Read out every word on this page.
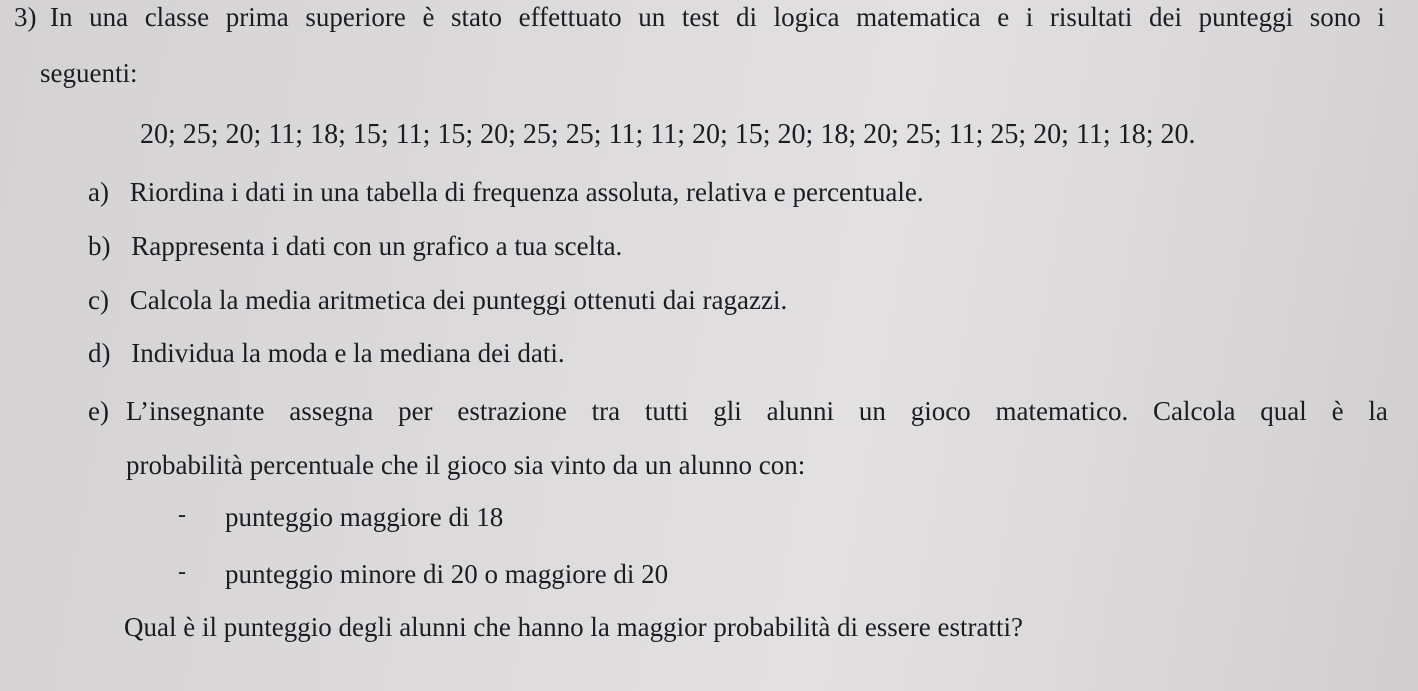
3) In una classe prima superiore è stato effettuato un test di logica matematica e i risultati dei punteggi sono i
seguenti:
20; 25; 20; 11; 18; 15; 11; 15; 20; 25; 25; 11; 11; 20; 15; 20; 18; 20; 25; 11; 25; 20; 11; 18; 20.
a) Riordina i dati in una tabella di frequenza assoluta, relativa e percentuale.
b) Rappresenta i dati con un grafico a tua scelta.
c) Calcola la media aritmetica dei punteggi ottenuti dai ragazzi.
d) Individua la moda e la mediana dei dati.
e) L’insegnante assegna per estrazione tra tutti gli alunni un gioco matematico. Calcola qual è la
probabilità percentuale che il gioco sia vinto da un alunno con:
- punteggio maggiore di 18
- punteggio minore di 20 o maggiore di 20
Qual è il punteggio degli alunni che hanno la maggior probabilità di essere estratti?
